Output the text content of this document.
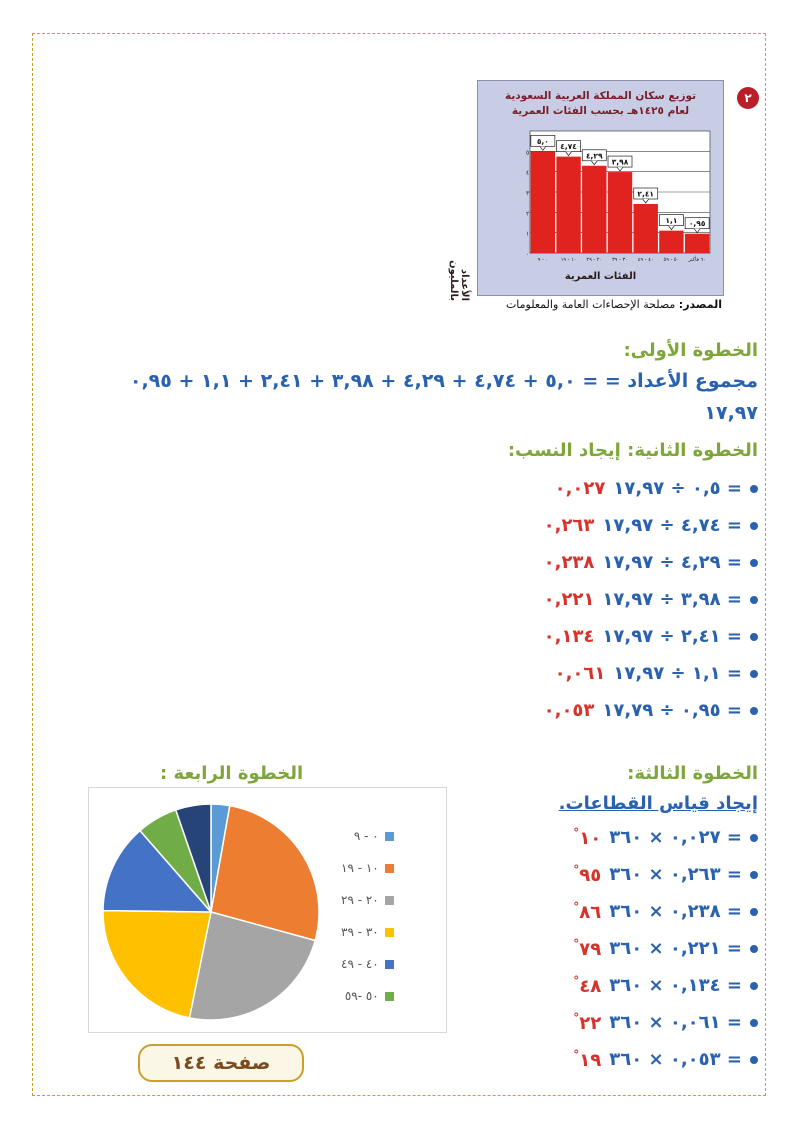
٢
توزيع سكان المملكة العربية السعودية
لعام ١٤٢٥هـ بحسب الفئات العمرية
٠
١
٢
٣
٤
٥
٥,٠
٠ - ٩
٤,٧٤
١٠ - ١٩
٤,٢٩
٢٠ - ٢٩
٣,٩٨
٣٠ - ٣٩
٢,٤١
٤٠ - ٤٩
١,١
٥٠ - ٥٩
٠,٩٥
٦٠ فأكثر
الأعداد بالمليون	الفئات العمرية
المصدر: مصلحة الإحصاءات العامة والمعلومات
الخطوة الأولى:
مجموع الأعداد = ٥,٠ + ٤,٧٤ + ٤,٢٩ + ٣,٩٨ + ٢,٤١ + ١,١ + ٠,٩٥ =
١٧,٩٧
الخطوة الثانية: إيجاد النسب:
٠,٥ ÷ ١٧,٩٧ =
٠,٠٢٧
٤,٧٤ ÷ ١٧,٩٧ =
٠,٢٦٣
٤,٢٩ ÷ ١٧,٩٧ =
٠,٢٣٨
٣,٩٨ ÷ ١٧,٩٧ =
٠,٢٢١
٢,٤١ ÷ ١٧,٩٧ =
٠,١٣٤
١,١ ÷ ١٧,٩٧ =
٠,٠٦١
٠,٩٥ ÷ ١٧,٧٩ =
٠,٠٥٣
الخطوة الثالثة:
إيجاد قياس القطاعات.
٠,٠٢٧ × ٣٦٠ =
١٠°
٠,٢٦٣ × ٣٦٠ =
٩٥°
٠,٢٣٨ × ٣٦٠ =
٨٦°
٠,٢٢١ × ٣٦٠ =
٧٩°
٠,١٣٤ × ٣٦٠ =
٤٨°
٠,٠٦١ × ٣٦٠ =
٢٢°
٠,٠٥٣ × ٣٦٠ =
١٩°
الخطوة الرابعة :
٠ - ٩
١٠ - ١٩
٢٠ - ٢٩
٣٠ - ٣٩
٤٠ - ٤٩
٥٠ -٥٩
صفحة ١٤٤
